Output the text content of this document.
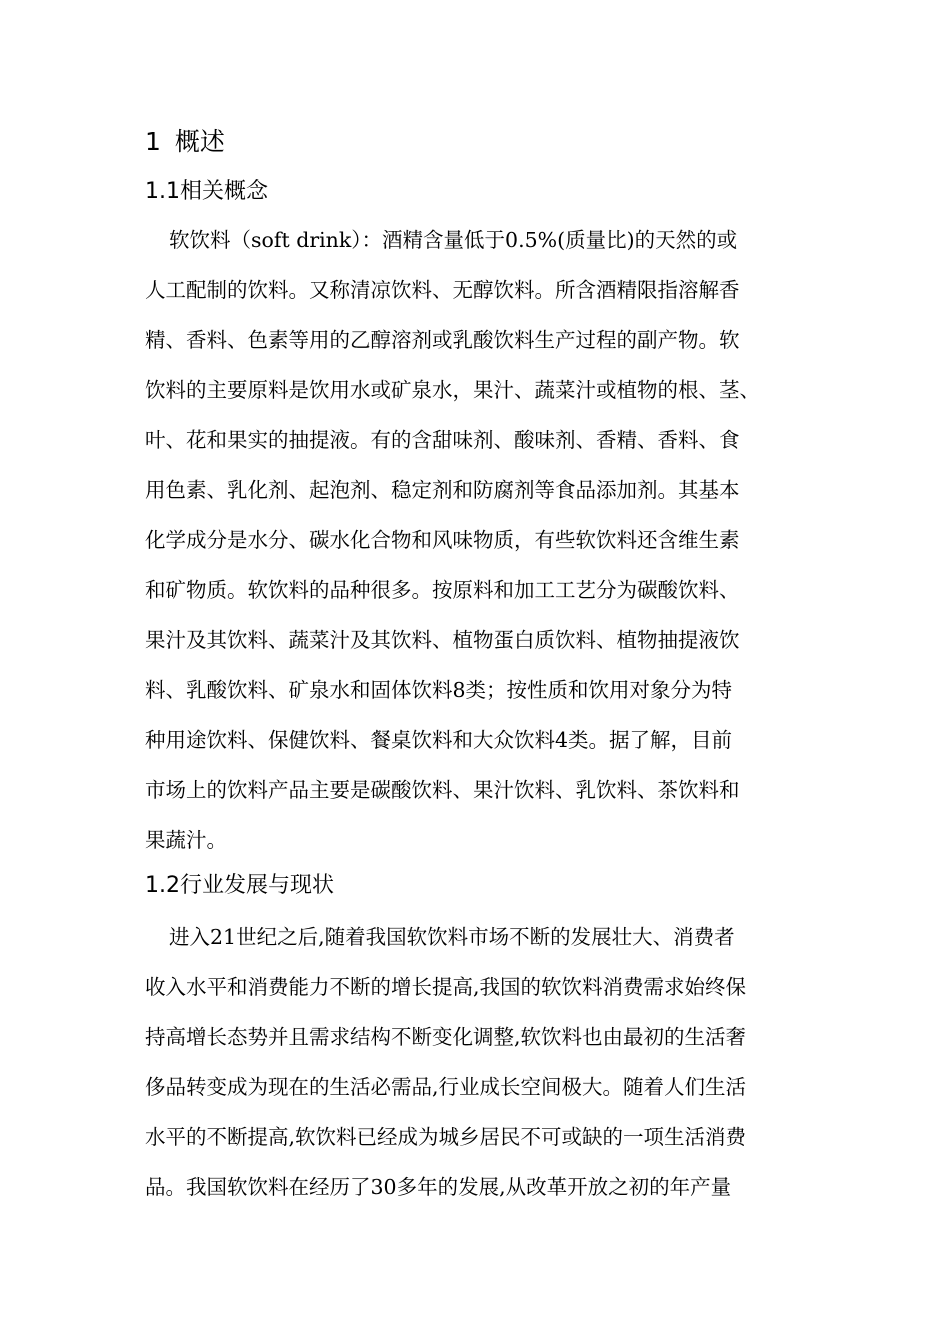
1 概述
1.1相关概念
软饮料（soft drink）：酒精含量低于0.5%(质量比)的天然的或
人工配制的饮料。又称清凉饮料、无醇饮料。所含酒精限指溶解香
精、香料、色素等用的乙醇溶剂或乳酸饮料生产过程的副产物。软
饮料的主要原料是饮用水或矿泉水，果汁、蔬菜汁或植物的根、茎、
叶、花和果实的抽提液。有的含甜味剂、酸味剂、香精、香料、食
用色素、乳化剂、起泡剂、稳定剂和防腐剂等食品添加剂。其基本
化学成分是水分、碳水化合物和风味物质，有些软饮料还含维生素
和矿物质。软饮料的品种很多。按原料和加工工艺分为碳酸饮料、
果汁及其饮料、蔬菜汁及其饮料、植物蛋白质饮料、植物抽提液饮
料、乳酸饮料、矿泉水和固体饮料8类；按性质和饮用对象分为特
种用途饮料、保健饮料、餐桌饮料和大众饮料4类。据了解，目前
市场上的饮料产品主要是碳酸饮料、果汁饮料、乳饮料、茶饮料和
果蔬汁。
1.2行业发展与现状
进入21世纪之后,随着我国软饮料市场不断的发展壮大、消费者
收入水平和消费能力不断的增长提高,我国的软饮料消费需求始终保
持高增长态势并且需求结构不断变化调整,软饮料也由最初的生活奢
侈品转变成为现在的生活必需品,行业成长空间极大。随着人们生活
水平的不断提高,软饮料已经成为城乡居民不可或缺的一项生活消费
品。我国软饮料在经历了30多年的发展,从改革开放之初的年产量
